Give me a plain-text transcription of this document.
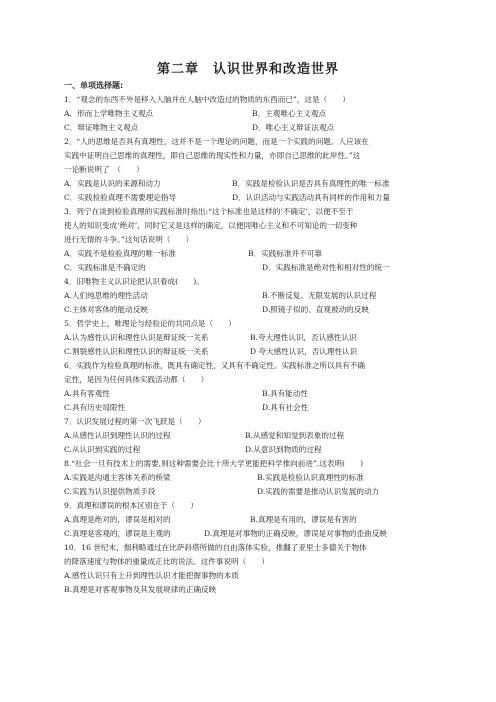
第二章　认识世界和改造世界
一、单项选择题:
1．“观念的东西不外是移入人脑并在人脑中改造过的物质的东西而已”，这是（　　）
A．形而上学唯物主义观点	B．主观唯心主义观点
C．辩证唯物主义观点	D．唯心主义辩证法观点
2．“人的思维是否具有真理性，这并不是一个理论的问题，而是一个实践的问题。人应该在
实践中证明自己思维的真理性，即自己思维的现实性和力量，亦即自己思维的此岸性。”这
一论断说明了　（　　）
A．实践是认识的来源和动力	B．实践是检验认识是否具有真理性的唯一标准
C．实践检验真理不需要理论指导	D．认识活动与实践活动具有同样的作用和力量
3．列宁在谈到检验真理的实践标准时指出:“这个标准也是这样的‘不确定’，以便不至于
使人的知识变成‘绝对’，同时它又是这样的确定，以便同唯心主义和不可知论的一切变种
进行无情的斗争。”这句话说明（　　）
A．实践不是检验真理的唯一标准	B．实践标准并不可靠
C．实践标准是不确定的	D．实践标准是绝对性和相对性的统一
4．旧唯物主义认识论把认识看成(　　)。
A.人们纯思维的理性活动	B.不断反复、无限发展的认识过程
C.主体对客体的能动反映	D.照镜子似的、直观被动的反映
5．哲学史上，唯理论与经验论的共同点是（　　）
A.认为感性认识和理性认识是辩证统一关系	B.夸大理性认识，否认感性认识
C.割裂感性认识和理性认识的辩证统一关系	D 夸大感性认识，否认理性认识
6．实践作为检验真理的标准，既具有确定性，又具有不确定性。实践标准之所以具有不确
定性，是因为任何具体实践活动都（　　）
A.具有客观性	B.具有能动性
C.具有历史局限性	D.具有社会性
7．认识发展过程的第一次飞跃是（　　）
A.从感性认识到理性认识的过程	B.从感觉和知觉到表象的过程
C.从认识到实践的过程	D.从意识到物质的过程
8.“社会一旦有技术上的需要,则这种需要会比十所大学更能把科学推向前进”.这表明(　　)
A.实践是沟通主客体关系的桥梁	B.实践是检验认识真理性的标准
C.实践为认识提供物质手段	D.实践的需要是推动认识发展的动力
9．真理和谬误的根本区别在于（　　）
A.真理是绝对的，谬误是相对的	B.真理是有用的，谬误是有害的
C.真理是客观的，谬误是主观的	D.真理是对事物的正确反映，谬误是对事物的歪曲反映
10．16 世纪末，伽利略通过在比萨斜塔所做的自由落体实验，推翻了亚里士多德关于物体
的降落速度与物体的重量成正比的说法。这件事说明（　　）
A.感性认识只有上升到理性认识才能把握事物的本质
B.真理是对客观事物及其发展规律的正确反映
